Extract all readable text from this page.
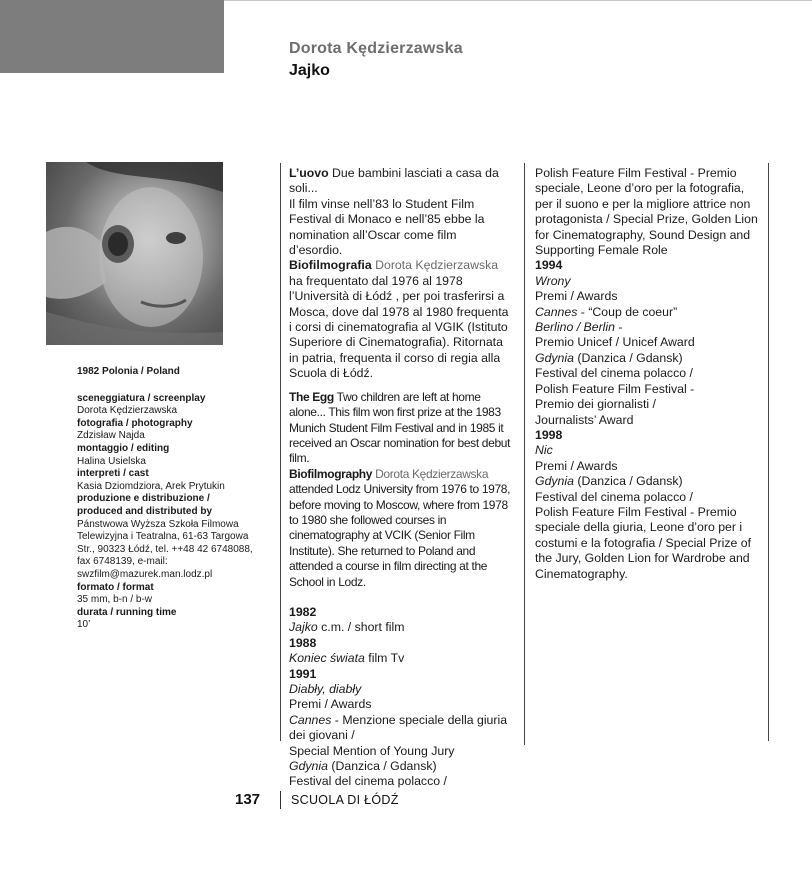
Dorota Kędzierzawska
Jajko
1982 Polonia / Poland
sceneggiatura / screenplay
Dorota Kędzierzawska
fotografia / photography
Zdzisław Najda
montaggio / editing
Halina Usielska
interpreti / cast
Kasia Dziomdziora, Arek Prytukin
produzione e distribuzione /
produced and distributed by
Pánstwowa Wyższa Szkoła Filmowa Telewizyjna i Teatralna, 61-63 Targowa Str., 90323 Łódź, tel. ++48 42 6748088, fax 6748139, e-mail: swzfilm@mazurek.man.lodz.pl
formato / format
35 mm, b-n / b-w
durata / running time
10’

L’uovo Due bambini lasciati a casa da soli...

Il film vinse nell’83 lo Student Film Festival di Monaco e nell’85 ebbe la nomination all’Oscar come film d’esordio.

Biofilmografia Dorota Kędzierzawska ha frequentato dal 1976 al 1978 l’Università di Łódź , per poi trasferirsi a Mosca, dove dal 1978 al 1980 frequenta i corsi di cinematografia al VGIK (Istituto Superiore di Cinematografia). Ritornata in patria, frequenta il corso di regia alla Scuola di Łódź.

The Egg Two children are left at home alone... This film won first prize at the 1983 Munich Student Film Festival and in 1985 it received an Oscar nomination for best debut film.

Biofilmography Dorota Kędzierzawska attended Lodz University from 1976 to 1978, before moving to Moscow, where from 1978 to 1980 she followed courses in cinematography at VCIK (Senior Film Institute). She returned to Poland and attended a course in film directing at the School in Lodz.

1982

Jajko c.m. / short film

1988

Koniec świata film Tv

1991

Diabły, diabły

Premi / Awards

Cannes - Menzione speciale della giuria dei giovani /

Special Mention of Young Jury

Gdynia (Danzica / Gdansk)

Festival del cinema polacco /

Polish Feature Film Festival - Premio speciale, Leone d’oro per la fotografia, per il suono e per la migliore attrice non protagonista / Special Prize, Golden Lion for Cinematography, Sound Design and Supporting Female Role

1994

Wrony

Premi / Awards

Cannes - “Coup de coeur”

Berlino / Berlin -

Premio Unicef / Unicef Award

Gdynia (Danzica / Gdansk)

Festival del cinema polacco /

Polish Feature Film Festival -

Premio dei giornalisti /

Journalists’ Award

1998

Nic

Premi / Awards

Gdynia (Danzica / Gdansk)

Festival del cinema polacco /

Polish Feature Film Festival - Premio speciale della giuria, Leone d’oro per i costumi e la fotografia / Special Prize of the Jury, Golden Lion for Wardrobe and Cinematography.

137 SCUOLA DI ŁÓDŹ
